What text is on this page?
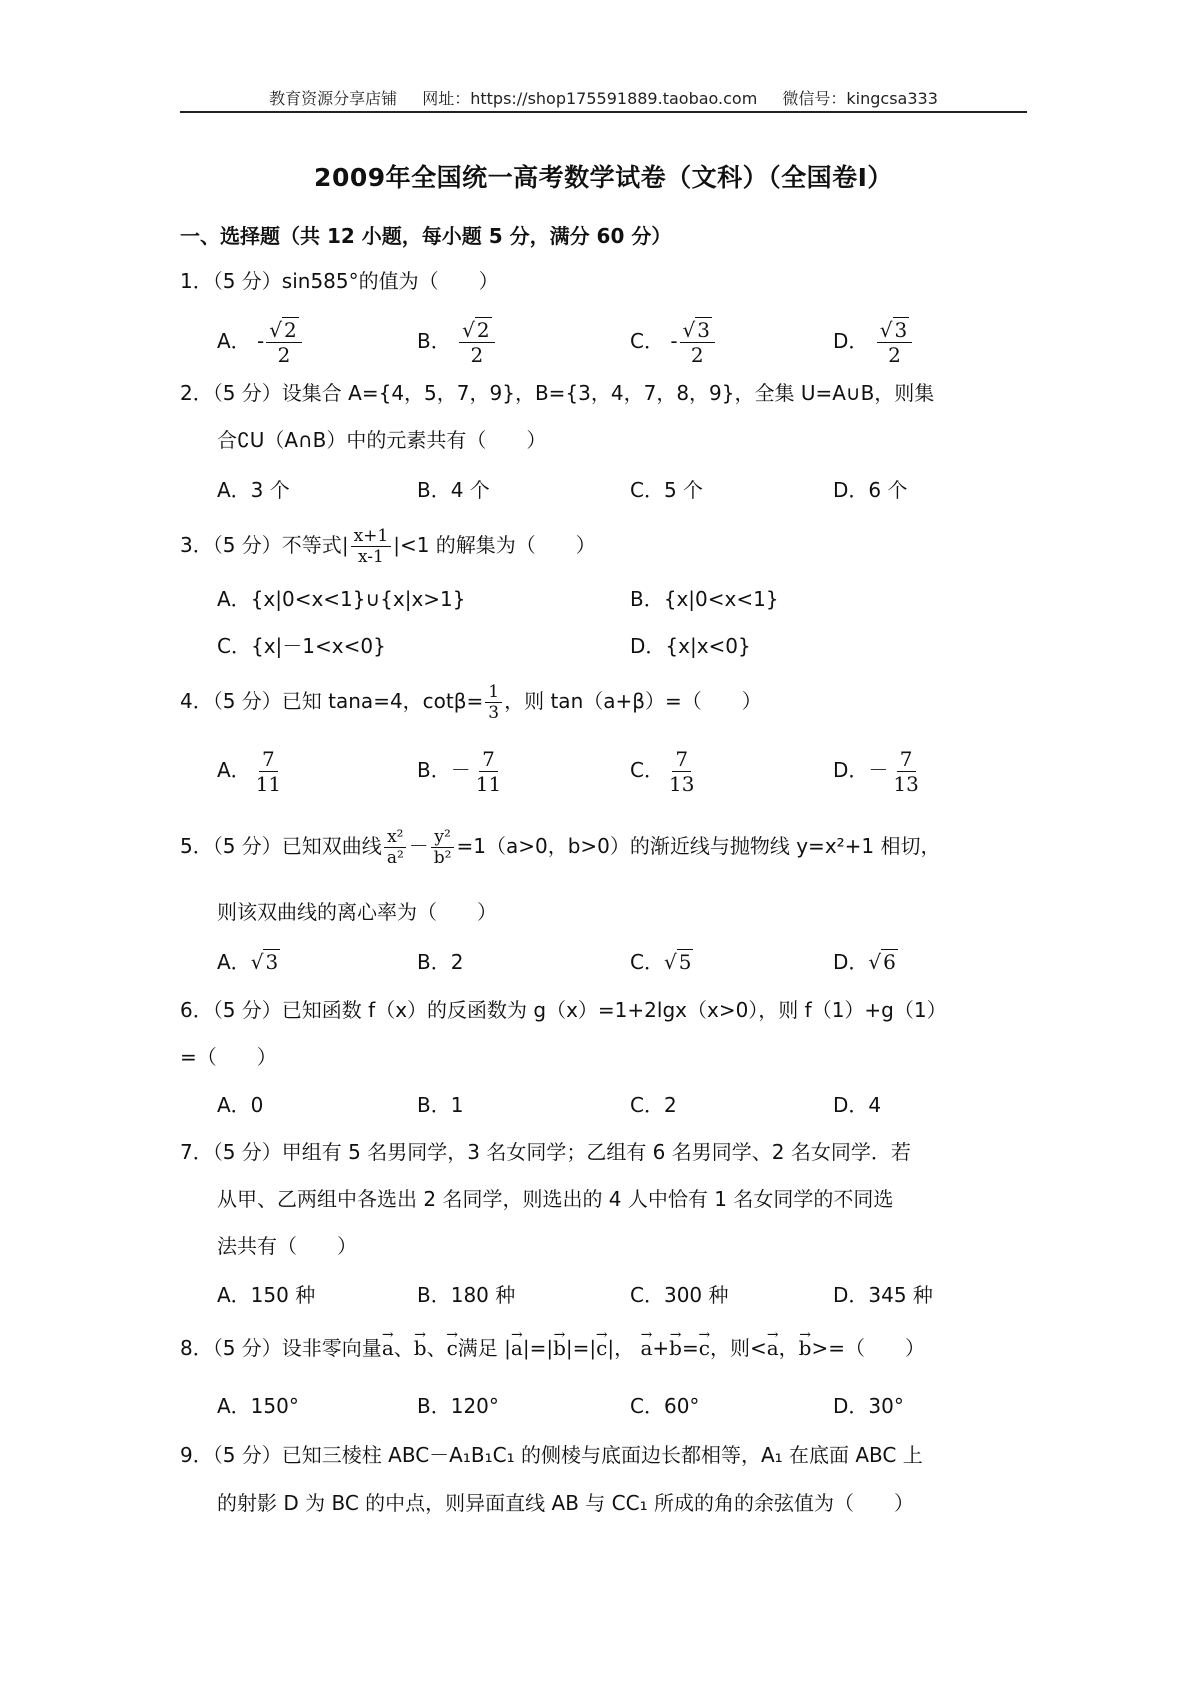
教育资源分享店铺 网址：https://shop175591889.taobao.com 微信号：kingcsa333
2009年全国统一高考数学试卷（文科）（全国卷Ⅰ）
一、选择题（共 12 小题，每小题 5 分，满分 60 分）
1．（5 分）sin585°的值为（　　）
A． - $\frac{√ 2}{2}$	B． $\frac{√ 2}{2}$	C． - $\frac{√ 3}{2}$	D． $\frac{√ 3}{2}$
2．（5 分）设集合 A={4，5，7，9}，B={3，4，7，8，9}，全集 U=A∪B，则集
合∁U（A∩B）中的元素共有（　　）
A．3 个	B．4 个	C．5 个	D．6 个
3．（5 分）不等式| $\frac{x+1}{x-1} |<1$ 的解集为（　　）
A．{x|0<x<1}∪{x|x>1}	B．{x|0<x<1}
C．{x|－1<x<0}	D．{x|x<0}
4．（5 分）已知 tana=4，$\cot\beta= \frac{1}{3}$ ，则 tan（a+β）=（　　）
A． $\frac{7}{11}$	B．－ $\frac{7}{11}$	C． $\frac{7}{13}$	D．－ $\frac{7}{13}$
5．（5 分）已知双曲线 $\frac{\text{x²}}{\text{a²}} - \frac{\text{y²}}{\text{b²}} =1(a>0$，b>0）的渐近线与抛物线 y=x²+1 相切，
则该双曲线的离心率为（　　）
A．√ 3	B．2	C．√ 5	D．√ 6
6．（5 分）已知函数 f（x）的反函数为 g（x）=1+2lgx（x>0），则 f（1）+g（1）
=（　　）
A．0	B．1	C．2	D．4
7．（5 分）甲组有 5 名男同学，3 名女同学；乙组有 6 名男同学、2 名女同学．若
从甲、乙两组中各选出 2 名同学，则选出的 4 人中恰有 1 名女同学的不同选
法共有（　　）
A．150 种	B．180 种	C．300 种	D．345 种
8．（5 分）设非零向量→ a、→ b、→ c满足 |→ a|=|→ b|=|→ c|， → a+→ b=→ c，则<→ a，→ b>=（　　）
A．150°	B．120°	C．60°	D．30°
9．（5 分）已知三棱柱 ABC－A₁B₁C₁ 的侧棱与底面边长都相等，A₁ 在底面 ABC 上
的射影 D 为 BC 的中点，则异面直线 AB 与 CC₁ 所成的角的余弦值为（　　）
